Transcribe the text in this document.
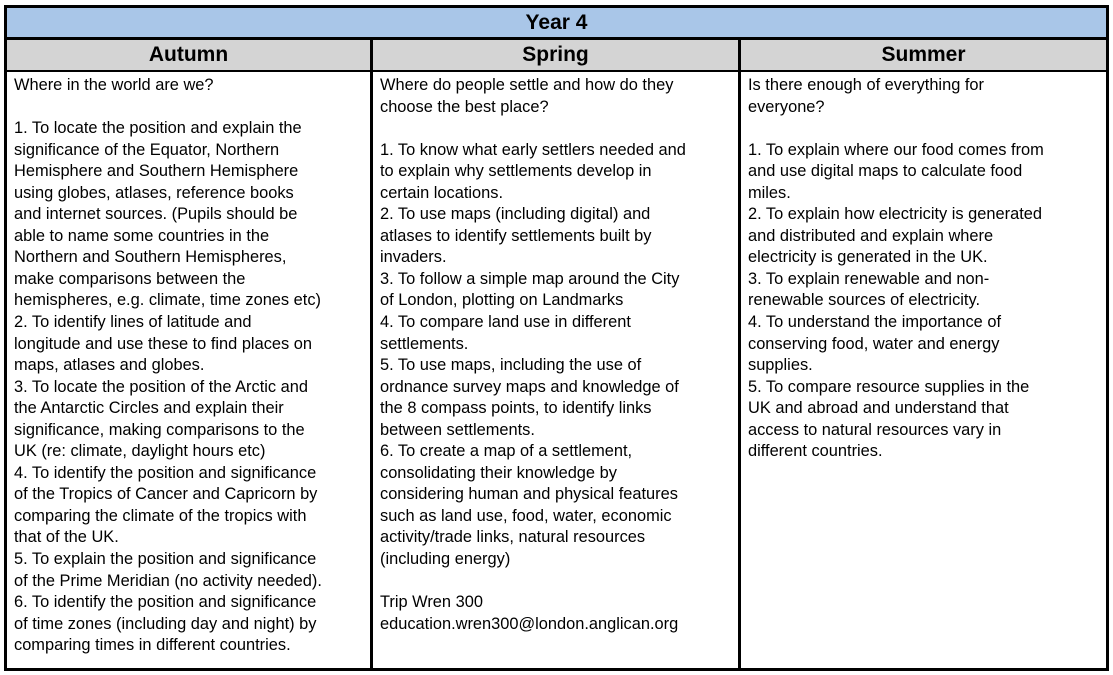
Year 4
Autumn	Spring	Summer
Where in the world are we?
1. To locate the position and explain the
significance of the Equator, Northern
Hemisphere and Southern Hemisphere
using globes, atlases, reference books
and internet sources. (Pupils should be
able to name some countries in the
Northern and Southern Hemispheres,
make comparisons between the
hemispheres, e.g. climate, time zones etc)
2. To identify lines of latitude and
longitude and use these to find places on
maps, atlases and globes.
3. To locate the position of the Arctic and
the Antarctic Circles and explain their
significance, making comparisons to the
UK (re: climate, daylight hours etc)
4. To identify the position and significance
of the Tropics of Cancer and Capricorn by
comparing the climate of the tropics with
that of the UK.
5. To explain the position and significance
of the Prime Meridian (no activity needed).
6. To identify the position and significance
of time zones (including day and night) by
comparing times in different countries.
Where do people settle and how do they
choose the best place?
1. To know what early settlers needed and
to explain why settlements develop in
certain locations.
2. To use maps (including digital) and
atlases to identify settlements built by
invaders.
3. To follow a simple map around the City
of London, plotting on Landmarks
4. To compare land use in different
settlements.
5. To use maps, including the use of
ordnance survey maps and knowledge of
the 8 compass points, to identify links
between settlements.
6. To create a map of a settlement,
consolidating their knowledge by
considering human and physical features
such as land use, food, water, economic
activity/trade links, natural resources
(including energy)
Trip Wren 300
education.wren300@london.anglican.org
Is there enough of everything for
everyone?
1. To explain where our food comes from
and use digital maps to calculate food
miles.
2. To explain how electricity is generated
and distributed and explain where
electricity is generated in the UK.
3. To explain renewable and non-
renewable sources of electricity.
4. To understand the importance of
conserving food, water and energy
supplies.
5. To compare resource supplies in the
UK and abroad and understand that
access to natural resources vary in
different countries.
